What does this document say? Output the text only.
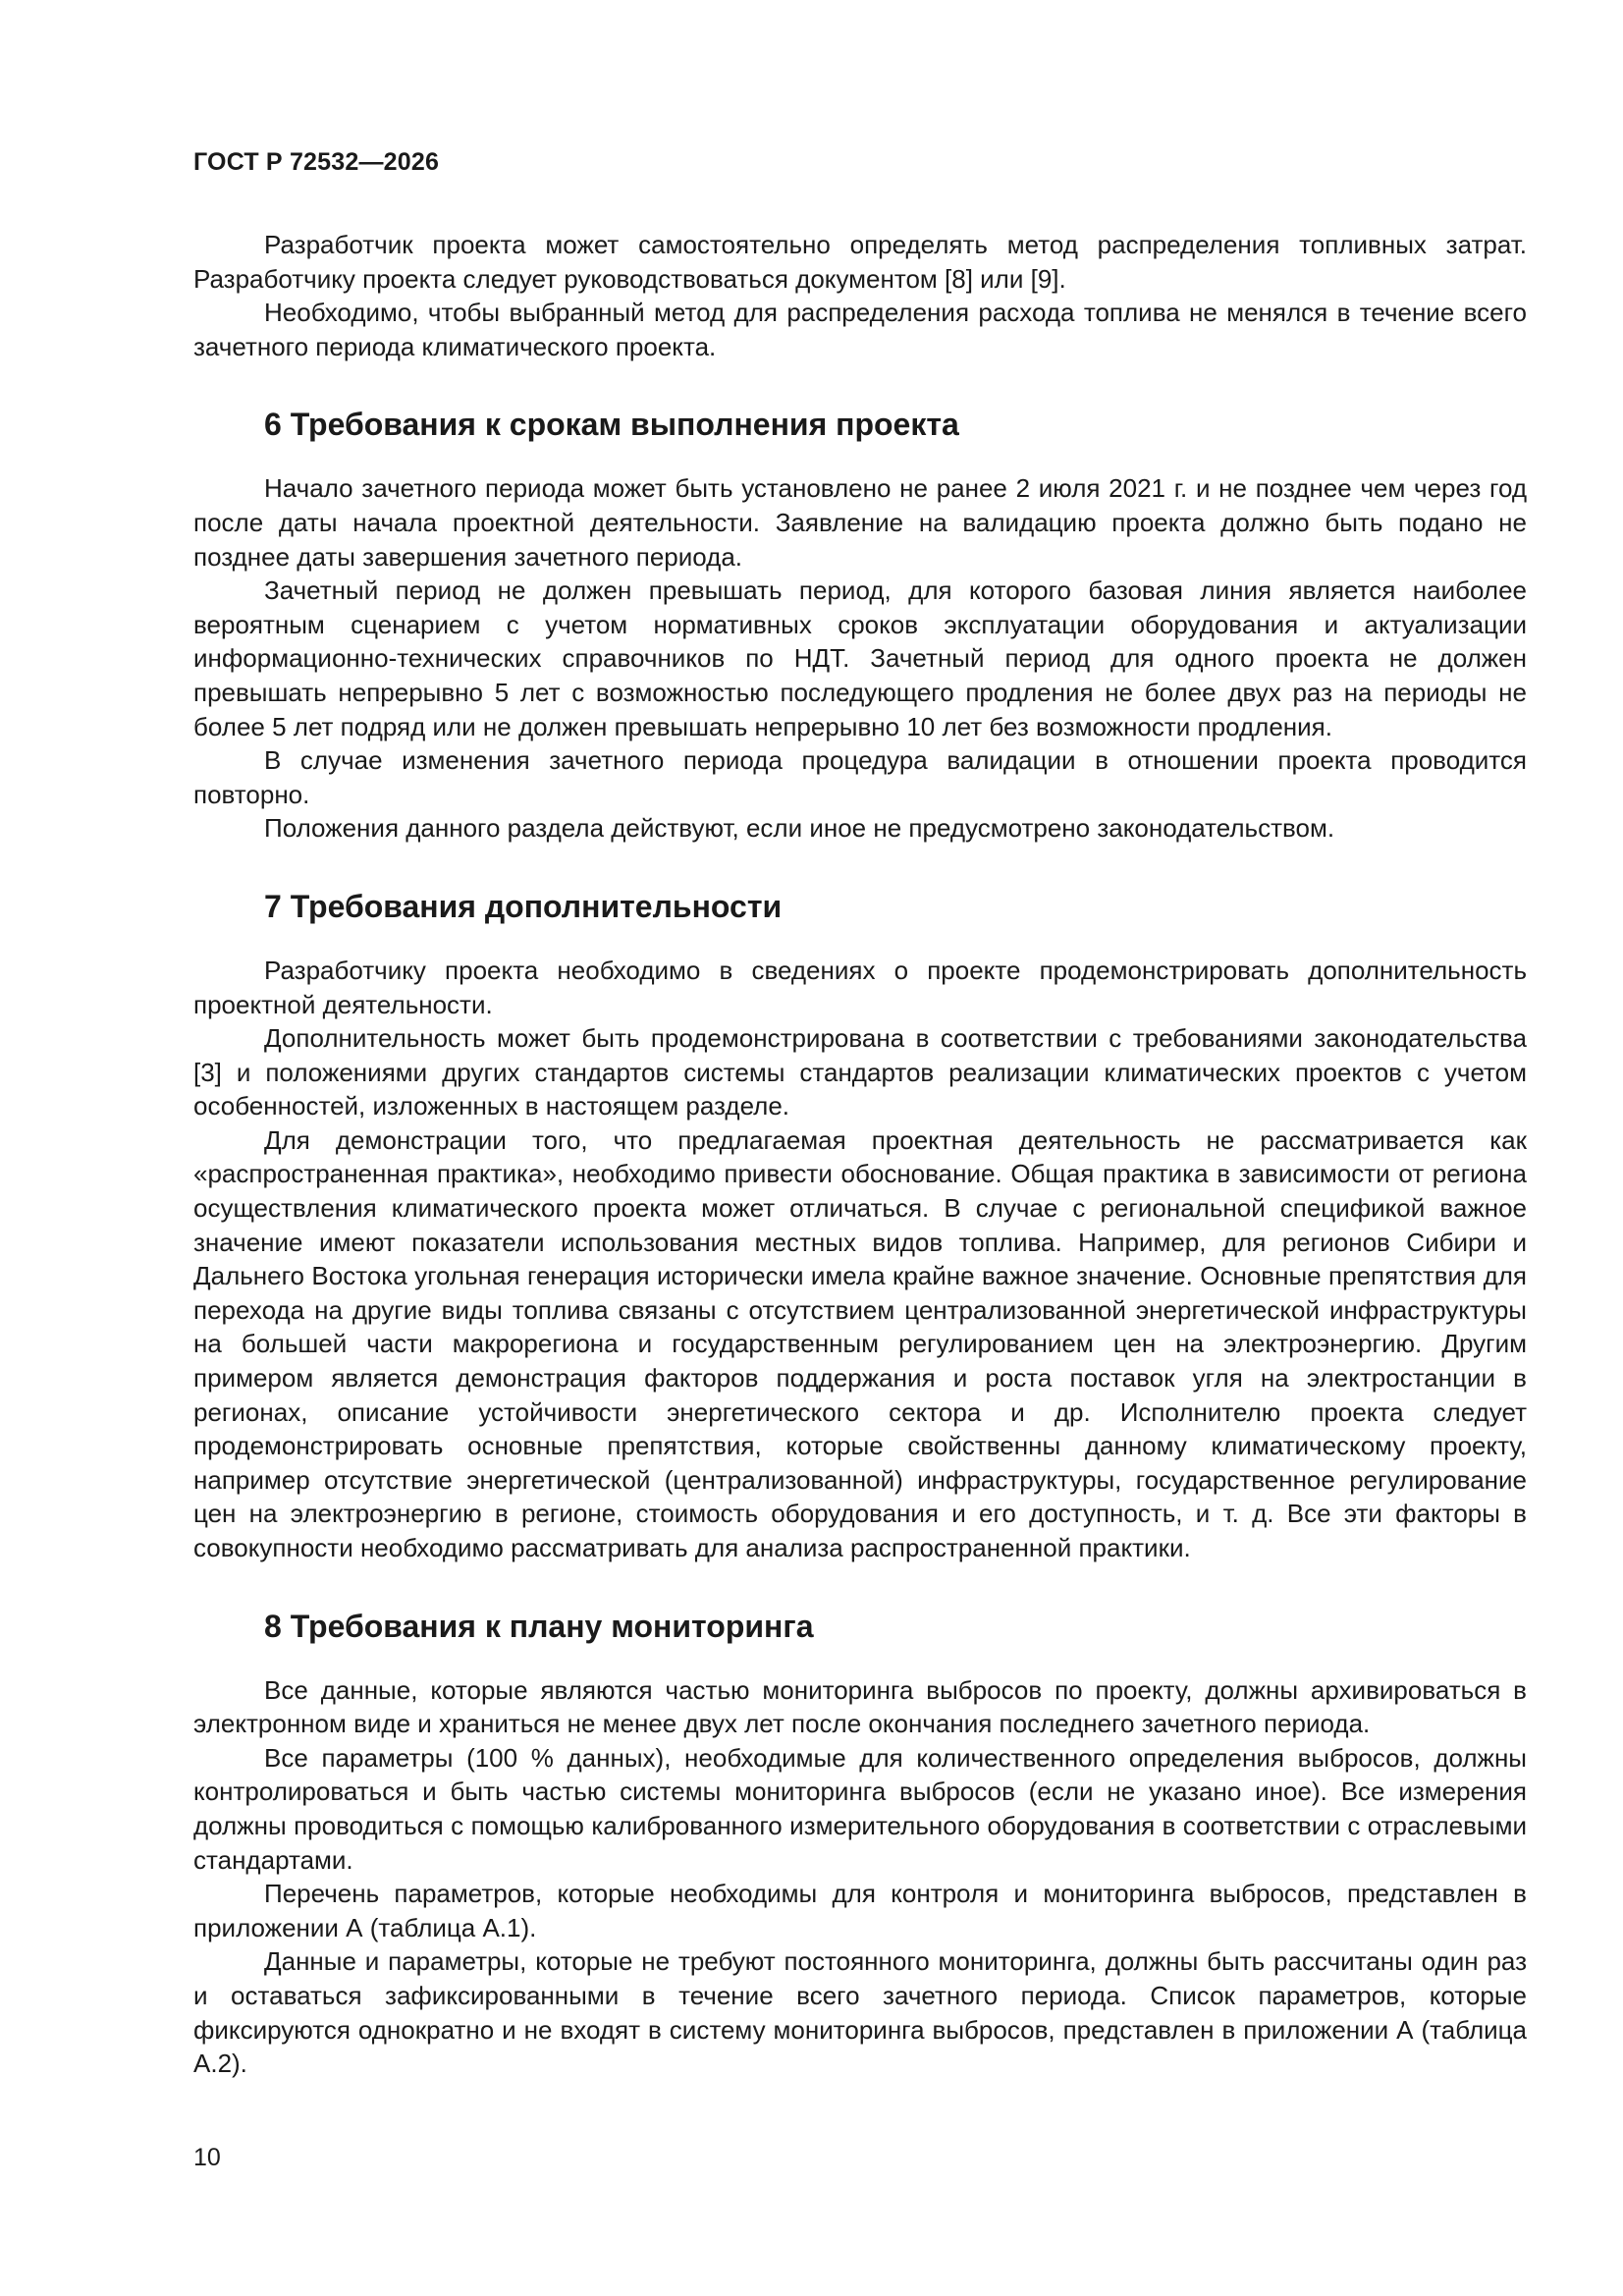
ГОСТ Р 72532—2026

Разработчик проекта может самостоятельно определять метод распределения топливных затрат. Разработчику проекта следует руководствоваться документом [8] или [9].

Необходимо, чтобы выбранный метод для распределения расхода топлива не менялся в течение всего зачетного периода климатического проекта.

6 Требования к срокам выполнения проекта

Начало зачетного периода может быть установлено не ранее 2 июля 2021 г. и не позднее чем через год после даты начала проектной деятельности. Заявление на валидацию проекта должно быть подано не позднее даты завершения зачетного периода.

Зачетный период не должен превышать период, для которого базовая линия является наиболее вероятным сценарием с учетом нормативных сроков эксплуатации оборудования и актуализации информационно-технических справочников по НДТ. Зачетный период для одного проекта не должен превышать непрерывно 5 лет с возможностью последующего продления не более двух раз на периоды не более 5 лет подряд или не должен превышать непрерывно 10 лет без возможности продления.

В случае изменения зачетного периода процедура валидации в отношении проекта проводится повторно.

Положения данного раздела действуют, если иное не предусмотрено законодательством.

7 Требования дополнительности

Разработчику проекта необходимо в сведениях о проекте продемонстрировать дополнительность проектной деятельности.

Дополнительность может быть продемонстрирована в соответствии с требованиями законодательства [3] и положениями других стандартов системы стандартов реализации климатических проектов с учетом особенностей, изложенных в настоящем разделе.

Для демонстрации того, что предлагаемая проектная деятельность не рассматривается как «распространенная практика», необходимо привести обоснование. Общая практика в зависимости от региона осуществления климатического проекта может отличаться. В случае с региональной спецификой важное значение имеют показатели использования местных видов топлива. Например, для регионов Сибири и Дальнего Востока угольная генерация исторически имела крайне важное значение. Основные препятствия для перехода на другие виды топлива связаны с отсутствием централизованной энергетической инфраструктуры на большей части макрорегиона и государственным регулированием цен на электроэнергию. Другим примером является демонстрация факторов поддержания и роста поставок угля на электростанции в регионах, описание устойчивости энергетического сектора и др. Исполнителю проекта следует продемонстрировать основные препятствия, которые свойственны данному климатическому проекту, например отсутствие энергетической (централизованной) инфраструктуры, государственное регулирование цен на электроэнергию в регионе, стоимость оборудования и его доступность, и т. д. Все эти факторы в совокупности необходимо рассматривать для анализа распространенной практики.

8 Требования к плану мониторинга

Все данные, которые являются частью мониторинга выбросов по проекту, должны архивироваться в электронном виде и храниться не менее двух лет после окончания последнего зачетного периода.

Все параметры (100 % данных), необходимые для количественного определения выбросов, должны контролироваться и быть частью системы мониторинга выбросов (если не указано иное). Все измерения должны проводиться с помощью калиброванного измерительного оборудования в соответствии с отраслевыми стандартами.

Перечень параметров, которые необходимы для контроля и мониторинга выбросов, представлен в приложении А (таблица А.1).

Данные и параметры, которые не требуют постоянного мониторинга, должны быть рассчитаны один раз и оставаться зафиксированными в течение всего зачетного периода. Список параметров, которые фиксируются однократно и не входят в систему мониторинга выбросов, представлен в приложении А (таблица А.2).

10
